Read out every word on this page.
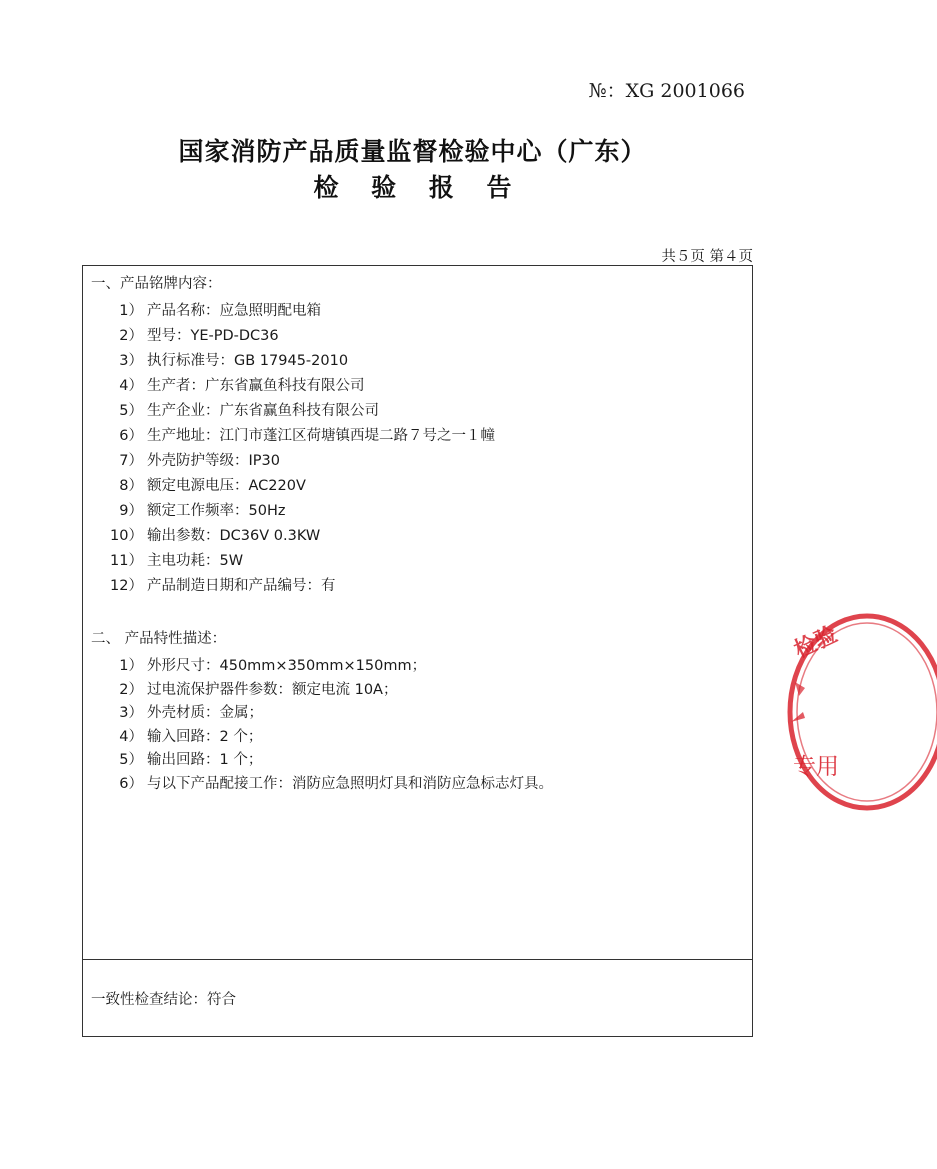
№：XG 2001066
国家消防产品质量监督检验中心（广东）
检 验 报 告
共５页 第４页
一、产品铭牌内容：
1） 产品名称：应急照明配电箱
2） 型号：YE-PD-DC36
3） 执行标准号：GB 17945-2010
4） 生产者：广东省赢鱼科技有限公司
5） 生产企业：广东省赢鱼科技有限公司
6） 生产地址：江门市蓬江区荷塘镇西堤二路７号之一１幢
7） 外壳防护等级：IP30
8） 额定电源电压：AC220V
9） 额定工作频率：50Hz
10） 输出参数：DC36V 0.3KW
11） 主电功耗：5W
12） 产品制造日期和产品编号：有
二、 产品特性描述：
1） 外形尺寸：450mm×350mm×150mm；
2） 过电流保护器件参数：额定电流 10A；
3） 外壳材质：金属；
4） 输入回路：2 个；
5） 输出回路：1 个；
6） 与以下产品配接工作：消防应急照明灯具和消防应急标志灯具。
一致性检查结论：符合
检验
专用
